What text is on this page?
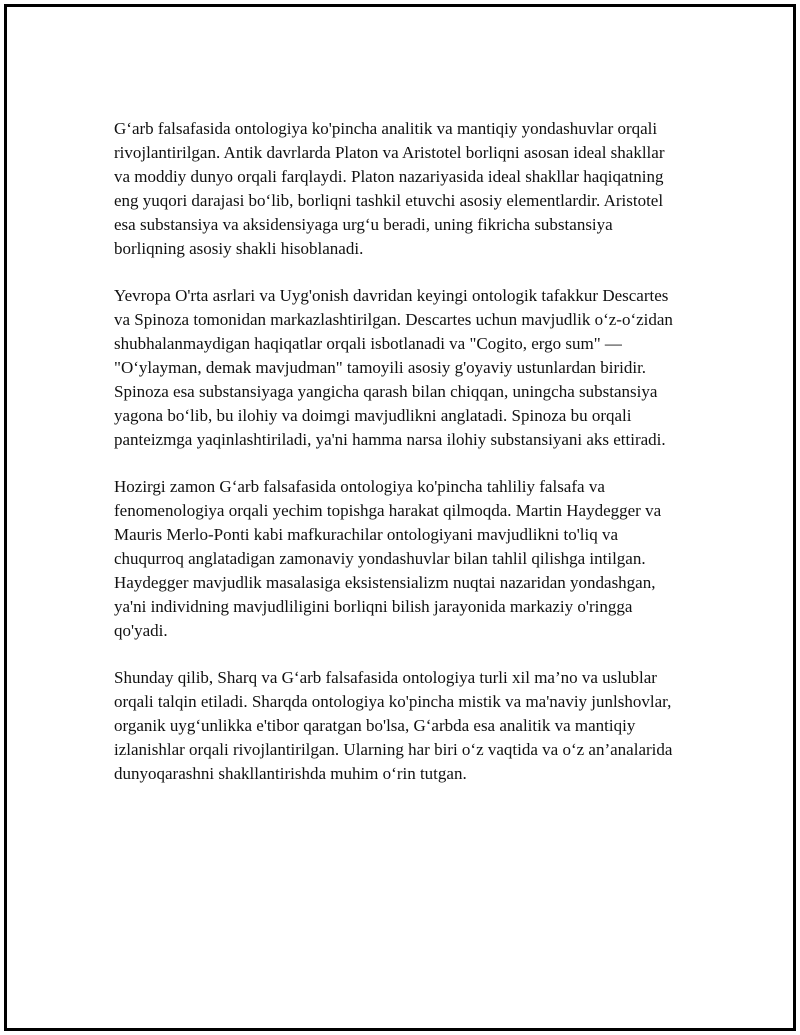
G‘arb falsafasida ontologiya ko'pincha analitik va mantiqiy yondashuvlar orqali rivojlantirilgan. Antik davrlarda Platon va Aristotel borliqni asosan ideal shakllar va moddiy dunyo orqali farqlaydi. Platon nazariyasida ideal shakllar haqiqatning eng yuqori darajasi bo‘lib, borliqni tashkil etuvchi asosiy elementlardir. Aristotel esa substansiya va aksidensiyaga urg‘u beradi, uning fikricha substansiya borliqning asosiy shakli hisoblanadi.

Yevropa O'rta asrlari va Uyg'onish davridan keyingi ontologik tafakkur Descartes va Spinoza tomonidan markazlashtirilgan. Descartes uchun mavjudlik o‘z-o‘zidan shubhalanmaydigan haqiqatlar orqali isbotlanadi va "Cogito, ergo sum" — "O‘ylayman, demak mavjudman" tamoyili asosiy g'oyaviy ustunlardan biridir. Spinoza esa substansiyaga yangicha qarash bilan chiqqan, uningcha substansiya yagona bo‘lib, bu ilohiy va doimgi mavjudlikni anglatadi. Spinoza bu orqali panteizmga yaqinlashtiriladi, ya'ni hamma narsa ilohiy substansiyani aks ettiradi.

Hozirgi zamon G‘arb falsafasida ontologiya ko'pincha tahliliy falsafa va fenomenologiya orqali yechim topishga harakat qilmoqda. Martin Haydegger va Mauris Merlo-Ponti kabi mafkurachilar ontologiyani mavjudlikni to'liq va chuqurroq anglatadigan zamonaviy yondashuvlar bilan tahlil qilishga intilgan. Haydegger mavjudlik masalasiga eksistensializm nuqtai nazaridan yondashgan, ya'ni individning mavjudliligini borliqni bilish jarayonida markaziy o'ringga qo'yadi.

Shunday qilib, Sharq va G‘arb falsafasida ontologiya turli xil ma’no va uslublar orqali talqin etiladi. Sharqda ontologiya ko'pincha mistik va ma'naviy junlshovlar, organik uyg‘unlikka e'tibor qaratgan bo'lsa, G‘arbda esa analitik va mantiqiy izlanishlar orqali rivojlantirilgan. Ularning har biri o‘z vaqtida va o‘z an’analarida dunyoqarashni shakllantirishda muhim o‘rin tutgan.
